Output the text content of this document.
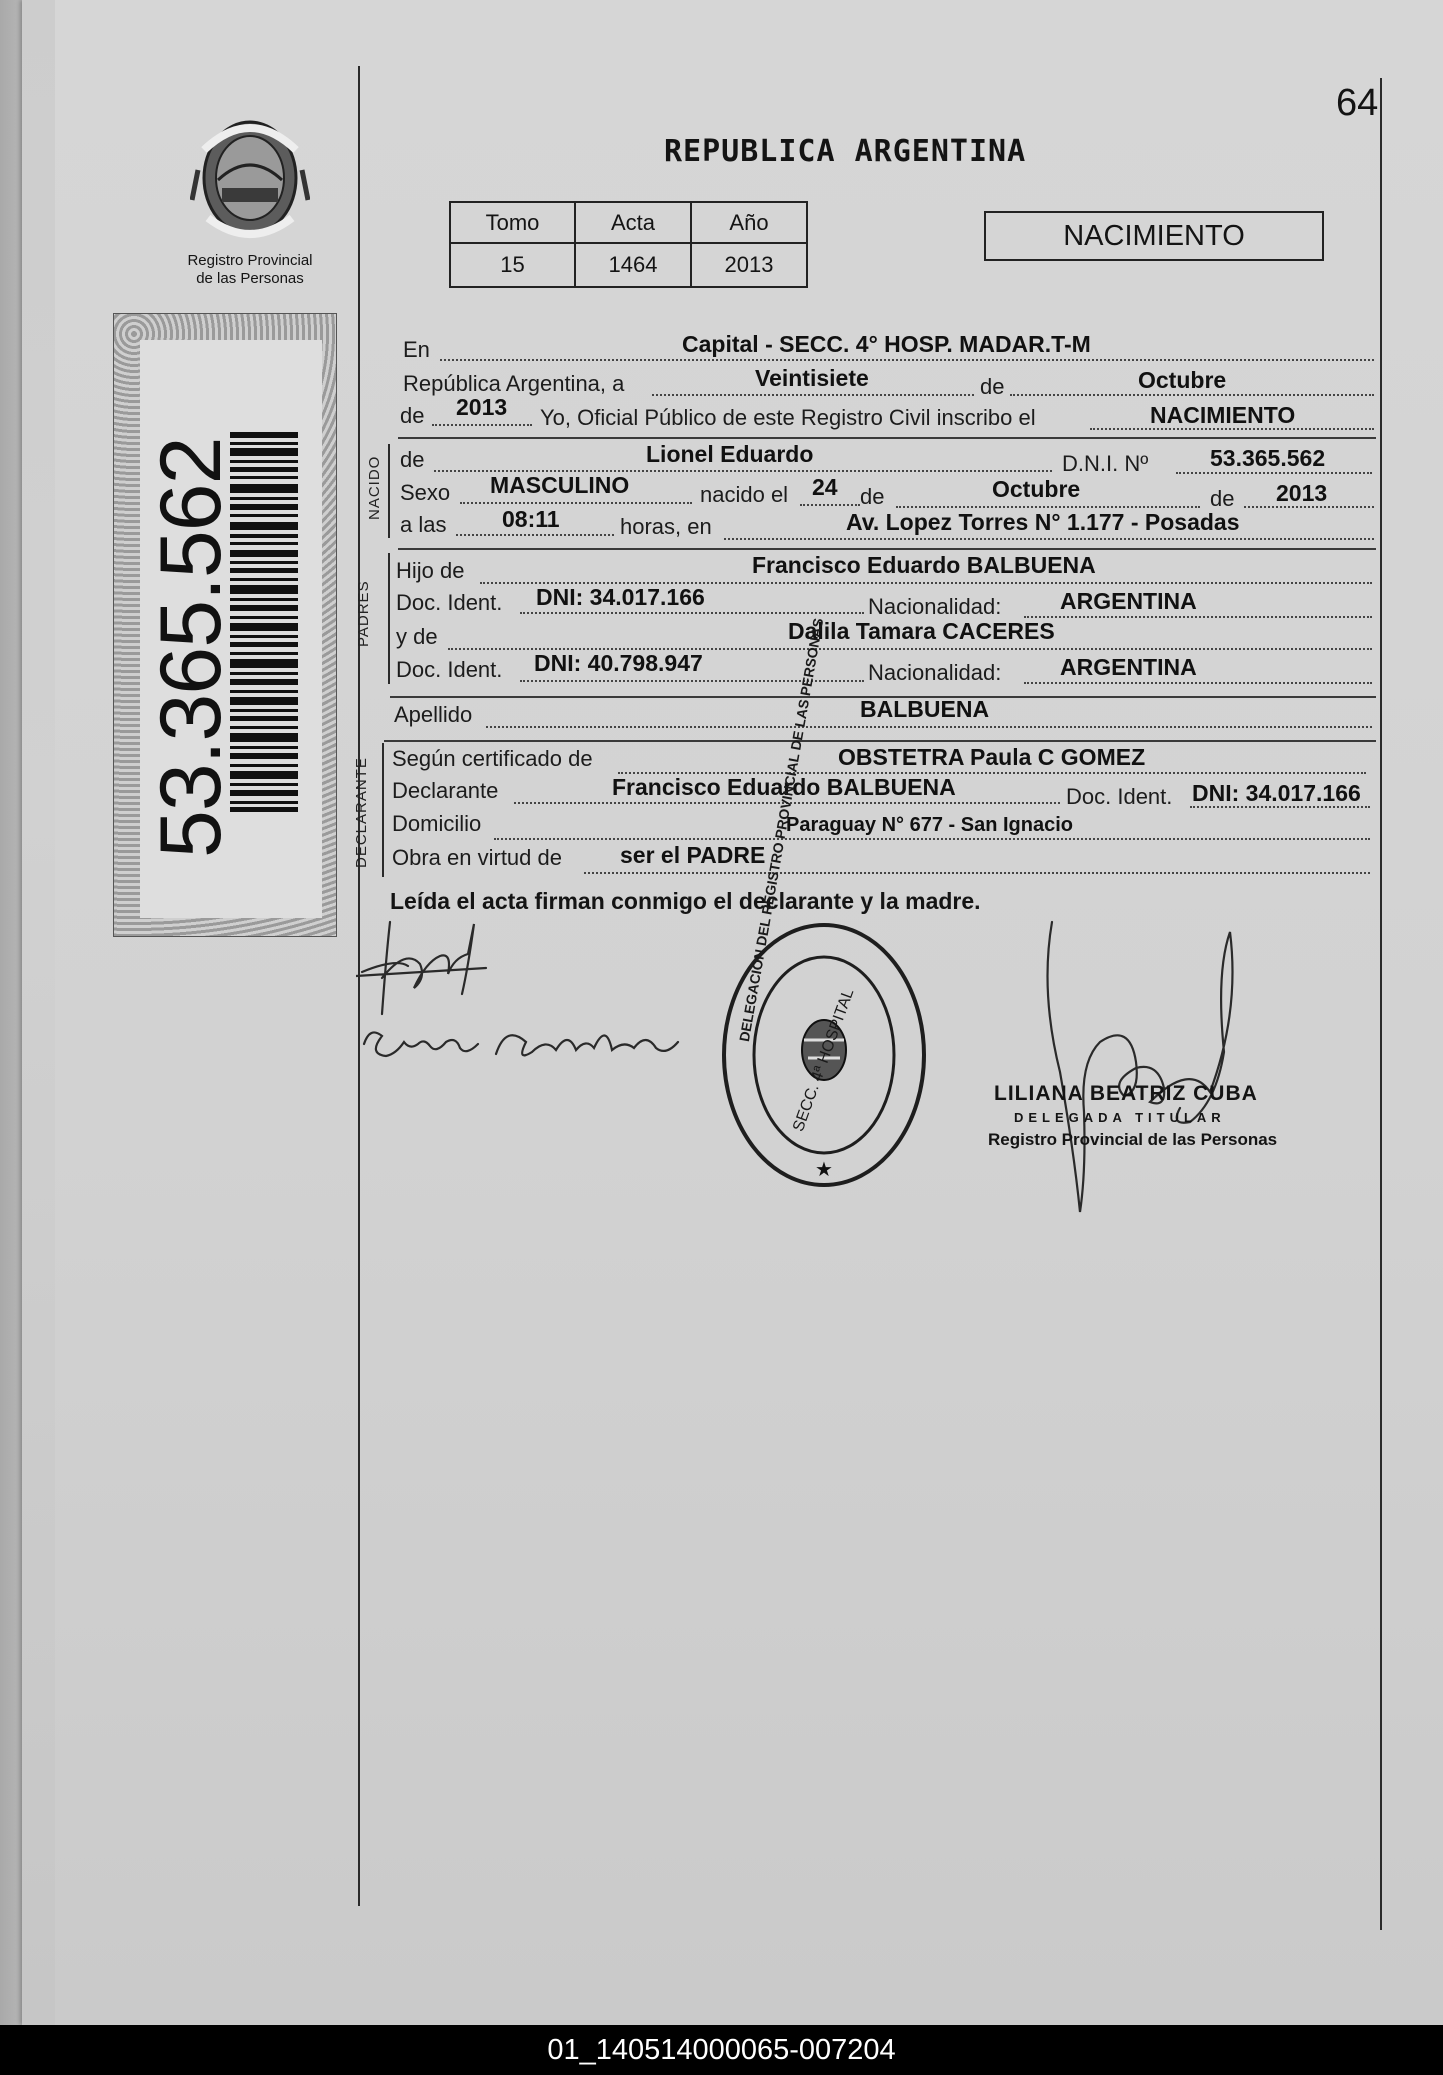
64
Registro Provincial
de las Personas
REPUBLICA ARGENTINA
Tomo	Acta	Año
15	1464	2013
NACIMIENTO
53.365.562	NACIDO
PADRES
DECLARANTE
En	Capital - SECC. 4° HOSP. MADAR.T-M
República Argentina, a	Veintisiete	de	Octubre
de 2013 Yo, Oficial Público de este Registro Civil inscribo el	NACIMIENTO
de	Lionel Eduardo	D.N.I. Nº	53.365.562
Sexo MASCULINO	nacido el 24 de	Octubre	de 2013
a las 08:11	horas, en	Av. Lopez Torres N° 1.177 - Posadas
Hijo de	Francisco Eduardo BALBUENA
Doc. Ident. DNI: 34.017.166	Nacionalidad:	ARGENTINA
y de	Dalila Tamara CACERES
Doc. Ident. DNI: 40.798.947	Nacionalidad:	ARGENTINA
Apellido	BALBUENA
Según certificado de	OBSTETRA Paula C GOMEZ
Declarante	Francisco Eduardo BALBUENA	Doc. Ident. DNI: 34.017.166
Domicilio	Paraguay N° 677 - San Ignacio
Obra en virtud de	ser el PADRE
Leída el acta firman conmigo el declarante y la madre.
★
SECC. 4ª HOSPITAL	LILIANA BEATRIZ CUBA
DELEGADA TITULAR
Registro Provincial de las Personas
01_140514000065-007204
